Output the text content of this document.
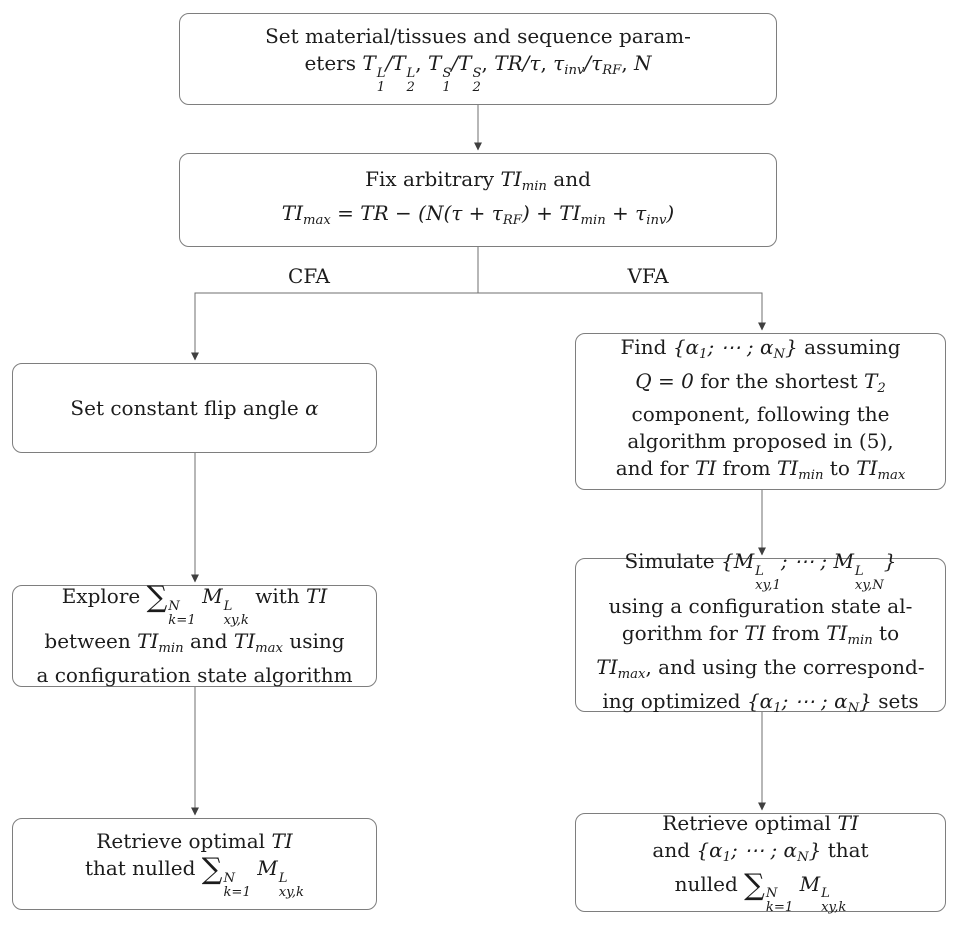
CFA	VFA
Set material/tissues and sequence param-
eters T L
1
/T L
2
, T S
1
/T S
2
, TR/τ, $\tau_{inv}/\tau_{RF}$, N
Fix arbitrary $TI_{min}$ and
$TI_{max}$ = TR − $(N(\tau + \tau_{RF}) + TI_{min} + \tau_{inv})$
Set constant flip angle α
Explore ∑ N
k=1
M L
xy,k
with TI
between $TI_{min}$ and $TI_{max}$ using
a configuration state algorithm
Retrieve optimal TI
that nulled ∑ N
k=1
M L
xy,k
Find {$\alpha_1$; ⋯ ; $\alpha_N$} assuming
Q = 0 for the shortest $T_2$
component, following the
algorithm proposed in (5),
and for TI from $TI_{min}$ to $TI_{max}$
Simulate {M L
xy,1
; ⋯ ; M L
xy,N
}
using a configuration state al-
gorithm for TI from $TI_{min}$ to
$TI_{max}$, and using the correspond-
ing optimized {$\alpha_1$; ⋯ ; $\alpha_N$} sets
Retrieve optimal TI
and {$\alpha_1$; ⋯ ; $\alpha_N$} that
nulled ∑ N
k=1
M L
xy,k
